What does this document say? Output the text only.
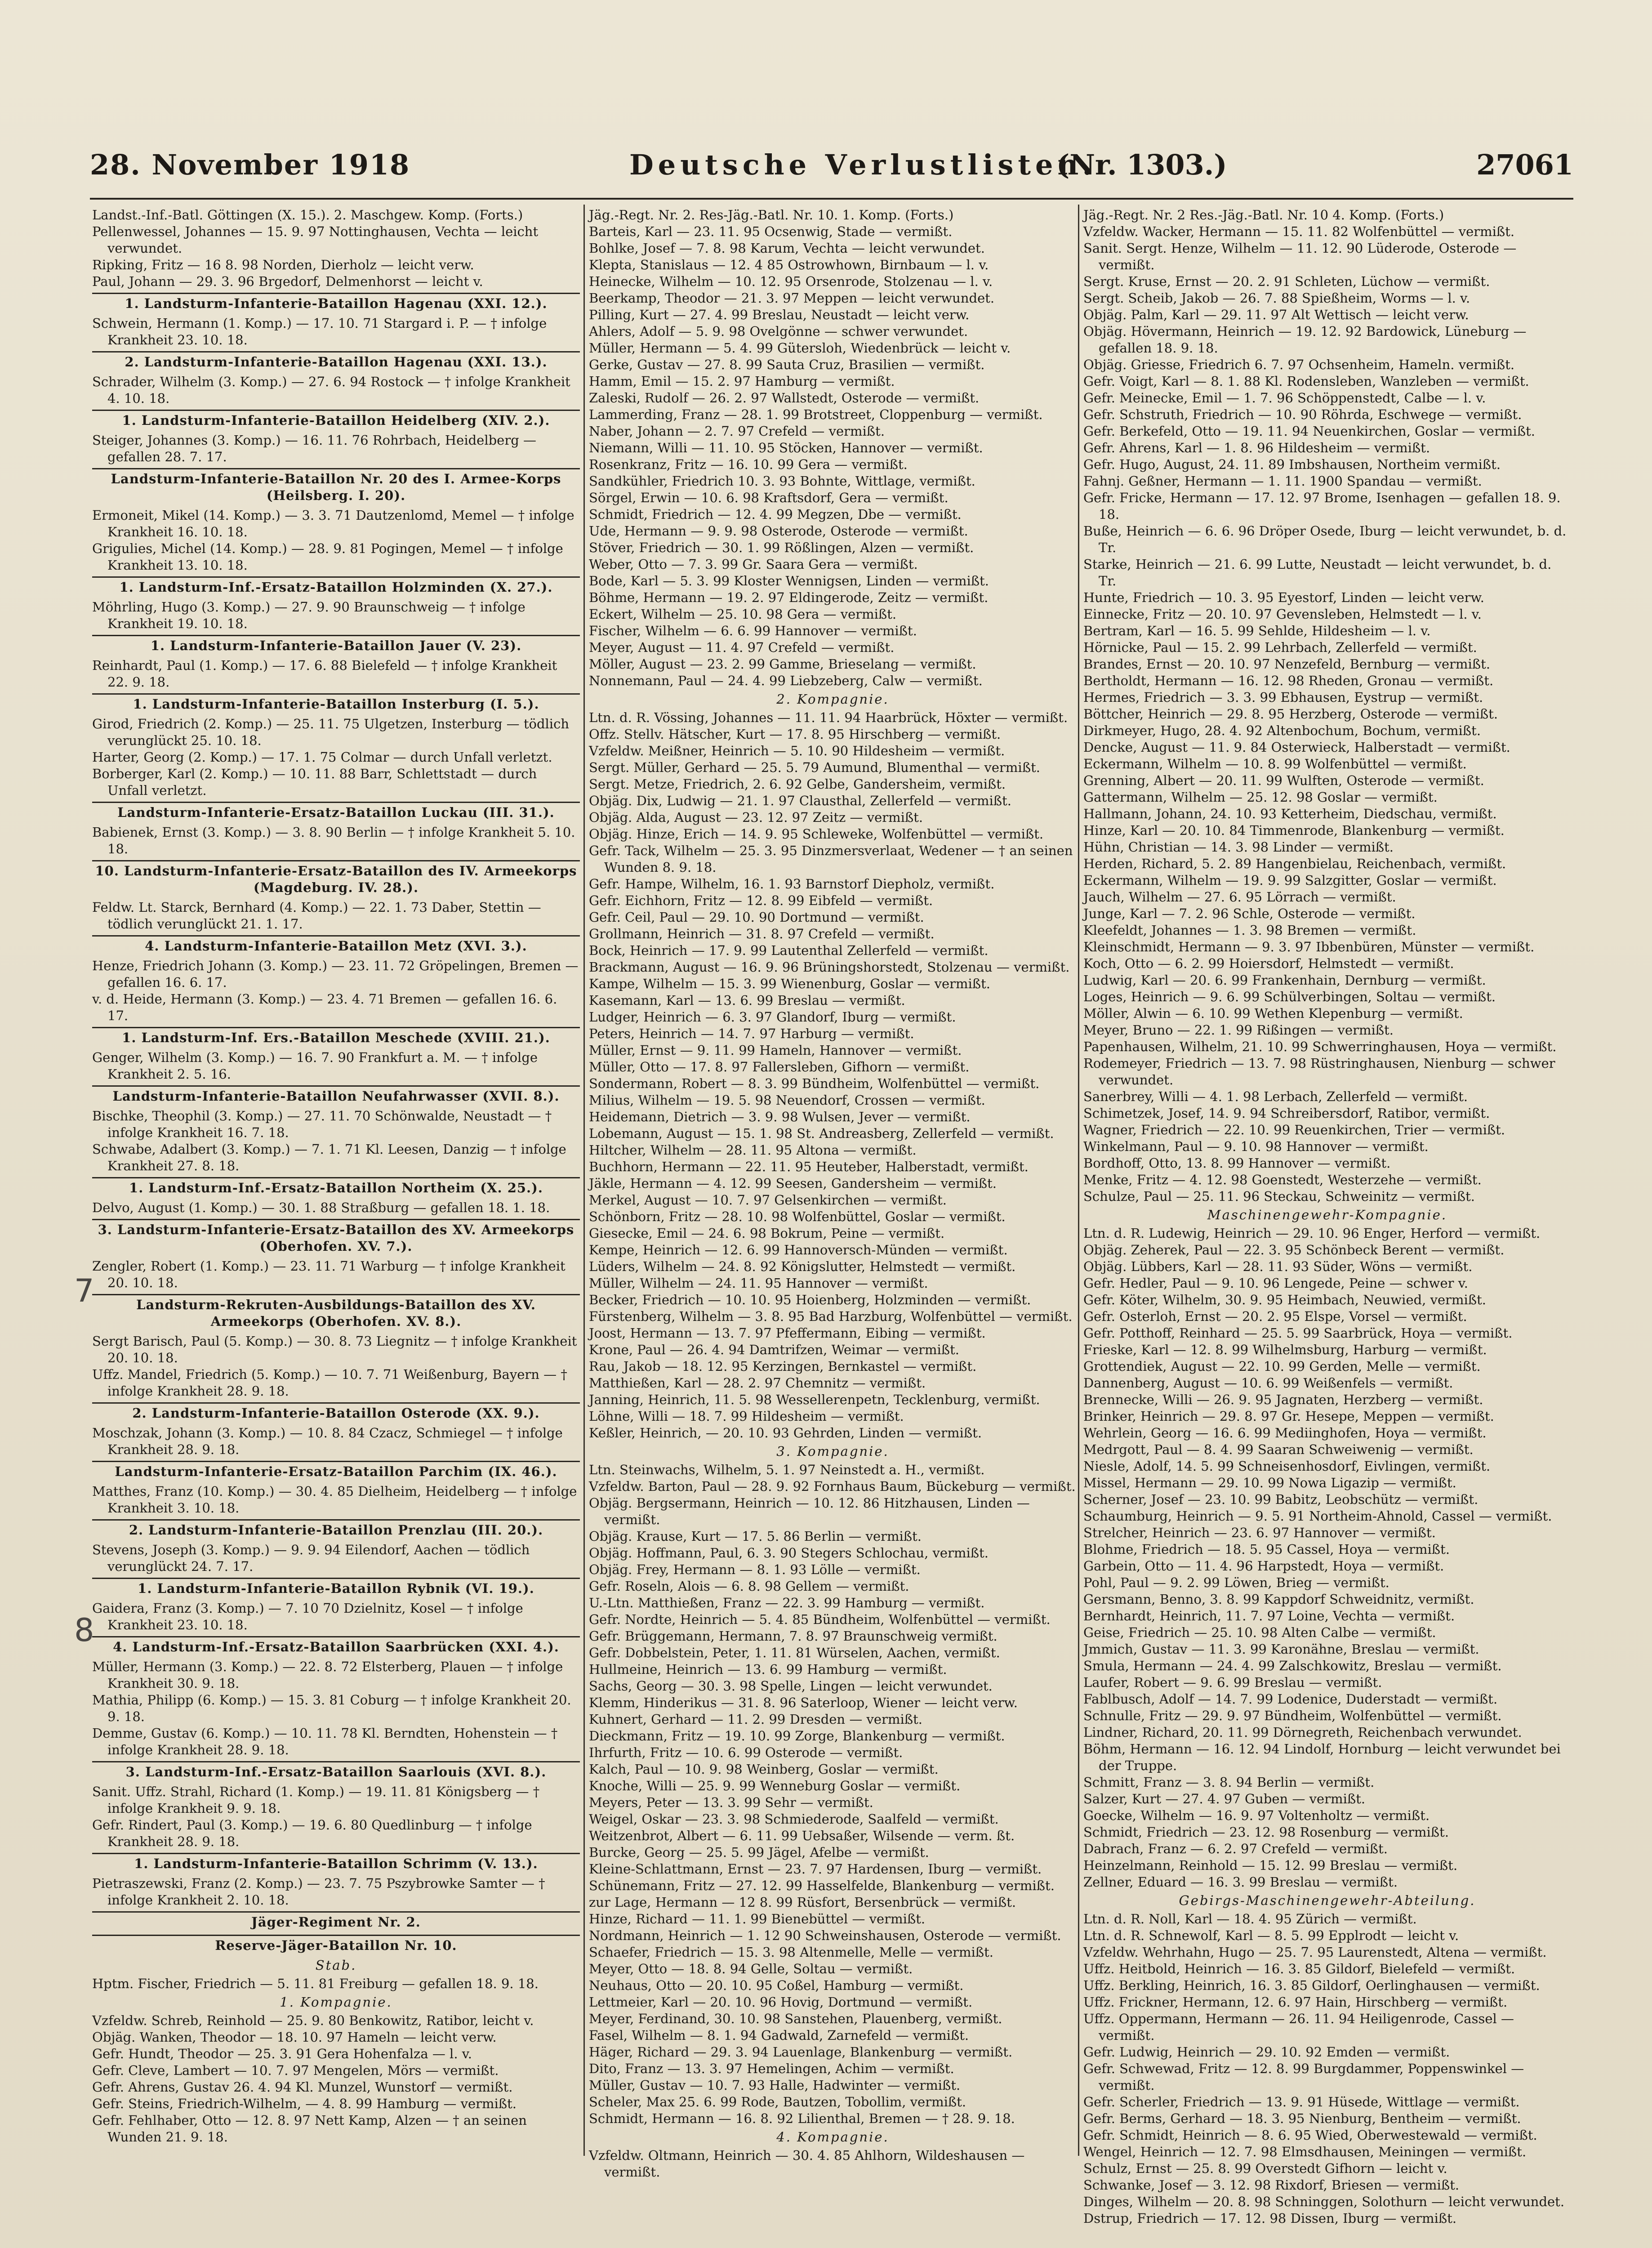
28. November 1918	Deutsche Verlustlisten.
(Nr. 1303.)	27061

Landst.-Inf.-Batl. Göttingen (X. 15.). 2. Maschgew. Komp. (Forts.)

Pellenwessel, Johannes — 15. 9. 97 Nottinghausen, Vechta — leicht verwundet.

Ripking, Fritz — 16 8. 98 Norden, Dierholz — leicht verw.

Paul, Johann — 29. 3. 96 Brgedorf, Delmenhorst — leicht v.

1. Landsturm-Infanterie-Bataillon Hagenau (XXI. 12.).

Schwein, Hermann (1. Komp.) — 17. 10. 71 Stargard i. P. — † infolge Krankheit 23. 10. 18.

2. Landsturm-Infanterie-Bataillon Hagenau (XXI. 13.).

Schrader, Wilhelm (3. Komp.) — 27. 6. 94 Rostock — † infolge Krankheit 4. 10. 18.

1. Landsturm-Infanterie-Bataillon Heidelberg (XIV. 2.).

Steiger, Johannes (3. Komp.) — 16. 11. 76 Rohrbach, Heidelberg — gefallen 28. 7. 17.

Landsturm-Infanterie-Bataillon Nr. 20 des I. Armee-Korps (Heilsberg. I. 20).

Ermoneit, Mikel (14. Komp.) — 3. 3. 71 Dautzenlomd, Memel — † infolge Krankheit 16. 10. 18.

Grigulies, Michel (14. Komp.) — 28. 9. 81 Pogingen, Memel — † infolge Krankheit 13. 10. 18.

1. Landsturm-Inf.-Ersatz-Bataillon Holzminden (X. 27.).

Möhrling, Hugo (3. Komp.) — 27. 9. 90 Braunschweig — † infolge Krankheit 19. 10. 18.

1. Landsturm-Infanterie-Bataillon Jauer (V. 23).

Reinhardt, Paul (1. Komp.) — 17. 6. 88 Bielefeld — † infolge Krankheit 22. 9. 18.

1. Landsturm-Infanterie-Bataillon Insterburg (I. 5.).

Girod, Friedrich (2. Komp.) — 25. 11. 75 Ulgetzen, Insterburg — tödlich verunglückt 25. 10. 18.

Harter, Georg (2. Komp.) — 17. 1. 75 Colmar — durch Unfall verletzt.

Borberger, Karl (2. Komp.) — 10. 11. 88 Barr, Schlettstadt — durch Unfall verletzt.

Landsturm-Infanterie-Ersatz-Bataillon Luckau (III. 31.).

Babienek, Ernst (3. Komp.) — 3. 8. 90 Berlin — † infolge Krankheit 5. 10. 18.

10. Landsturm-Infanterie-Ersatz-Bataillon des IV. Armeekorps (Magdeburg. IV. 28.).

Feldw. Lt. Starck, Bernhard (4. Komp.) — 22. 1. 73 Daber, Stettin — tödlich verunglückt 21. 1. 17.

4. Landsturm-Infanterie-Bataillon Metz (XVI. 3.).

Henze, Friedrich Johann (3. Komp.) — 23. 11. 72 Gröpelingen, Bremen — gefallen 16. 6. 17.

v. d. Heide, Hermann (3. Komp.) — 23. 4. 71 Bremen — gefallen 16. 6. 17.

1. Landsturm-Inf. Ers.-Bataillon Meschede (XVIII. 21.).

Genger, Wilhelm (3. Komp.) — 16. 7. 90 Frankfurt a. M. — † infolge Krankheit 2. 5. 16.

Landsturm-Infanterie-Bataillon Neufahrwasser (XVII. 8.).

Bischke, Theophil (3. Komp.) — 27. 11. 70 Schönwalde, Neustadt — † infolge Krankheit 16. 7. 18.

Schwabe, Adalbert (3. Komp.) — 7. 1. 71 Kl. Leesen, Danzig — † infolge Krankheit 27. 8. 18.

1. Landsturm-Inf.-Ersatz-Bataillon Northeim (X. 25.).

Delvo, August (1. Komp.) — 30. 1. 88 Straßburg — gefallen 18. 1. 18.

3. Landsturm-Infanterie-Ersatz-Bataillon des XV. Armeekorps (Oberhofen. XV. 7.).

Zengler, Robert (1. Komp.) — 23. 11. 71 Warburg — † infolge Krankheit 20. 10. 18.

Landsturm-Rekruten-Ausbildungs-Bataillon des XV. Armeekorps (Oberhofen. XV. 8.).

Sergt Barisch, Paul (5. Komp.) — 30. 8. 73 Liegnitz — † infolge Krankheit 20. 10. 18.

Uffz. Mandel, Friedrich (5. Komp.) — 10. 7. 71 Weißenburg, Bayern — † infolge Krankheit 28. 9. 18.

2. Landsturm-Infanterie-Bataillon Osterode (XX. 9.).

Moschzak, Johann (3. Komp.) — 10. 8. 84 Czacz, Schmiegel — † infolge Krankheit 28. 9. 18.

Landsturm-Infanterie-Ersatz-Bataillon Parchim (IX. 46.).

Matthes, Franz (10. Komp.) — 30. 4. 85 Dielheim, Heidelberg — † infolge Krankheit 3. 10. 18.

2. Landsturm-Infanterie-Bataillon Prenzlau (III. 20.).

Stevens, Joseph (3. Komp.) — 9. 9. 94 Eilendorf, Aachen — tödlich verunglückt 24. 7. 17.

1. Landsturm-Infanterie-Bataillon Rybnik (VI. 19.).

Gaidera, Franz (3. Komp.) — 7. 10 70 Dzielnitz, Kosel — † infolge Krankheit 23. 10. 18.

4. Landsturm-Inf.-Ersatz-Bataillon Saarbrücken (XXI. 4.).

Müller, Hermann (3. Komp.) — 22. 8. 72 Elsterberg, Plauen — † infolge Krankheit 30. 9. 18.

Mathia, Philipp (6. Komp.) — 15. 3. 81 Coburg — † infolge Krankheit 20. 9. 18.

Demme, Gustav (6. Komp.) — 10. 11. 78 Kl. Berndten, Hohenstein — † infolge Krankheit 28. 9. 18.

3. Landsturm-Inf.-Ersatz-Bataillon Saarlouis (XVI. 8.).

Sanit. Uffz. Strahl, Richard (1. Komp.) — 19. 11. 81 Königsberg — † infolge Krankheit 9. 9. 18.

Gefr. Rindert, Paul (3. Komp.) — 19. 6. 80 Quedlinburg — † infolge Krankheit 28. 9. 18.

1. Landsturm-Infanterie-Bataillon Schrimm (V. 13.).

Pietraszewski, Franz (2. Komp.) — 23. 7. 75 Pszybrowke Samter — † infolge Krankheit 2. 10. 18.

Jäger-Regiment Nr. 2.

Reserve-Jäger-Bataillon Nr. 10.

Stab.

Hptm. Fischer, Friedrich — 5. 11. 81 Freiburg — gefallen 18. 9. 18.

1. Kompagnie.

Vzfeldw. Schreb, Reinhold — 25. 9. 80 Benkowitz, Ratibor, leicht v.

Objäg. Wanken, Theodor — 18. 10. 97 Hameln — leicht verw.

Gefr. Hundt, Theodor — 25. 3. 91 Gera Hohenfalza — l. v.

Gefr. Cleve, Lambert — 10. 7. 97 Mengelen, Mörs — vermißt.

Gefr. Ahrens, Gustav 26. 4. 94 Kl. Munzel, Wunstorf — vermißt.

Gefr. Steins, Friedrich-Wilhelm, — 4. 8. 99 Hamburg — vermißt.

Gefr. Fehlhaber, Otto — 12. 8. 97 Nett Kamp, Alzen — † an seinen Wunden 21. 9. 18.

Jäg.-Regt. Nr. 2. Res-Jäg.-Batl. Nr. 10. 1. Komp. (Forts.)

Barteis, Karl — 23. 11. 95 Ocsenwig, Stade — vermißt.

Bohlke, Josef — 7. 8. 98 Karum, Vechta — leicht verwundet.

Klepta, Stanislaus — 12. 4 85 Ostrowhown, Birnbaum — l. v.

Heinecke, Wilhelm — 10. 12. 95 Orsenrode, Stolzenau — l. v.

Beerkamp, Theodor — 21. 3. 97 Meppen — leicht verwundet.

Pilling, Kurt — 27. 4. 99 Breslau, Neustadt — leicht verw.

Ahlers, Adolf — 5. 9. 98 Ovelgönne — schwer verwundet.

Müller, Hermann — 5. 4. 99 Gütersloh, Wiedenbrück — leicht v.

Gerke, Gustav — 27. 8. 99 Sauta Cruz, Brasilien — vermißt.

Hamm, Emil — 15. 2. 97 Hamburg — vermißt.

Zaleski, Rudolf — 26. 2. 97 Wallstedt, Osterode — vermißt.

Lammerding, Franz — 28. 1. 99 Brotstreet, Cloppenburg — vermißt.

Naber, Johann — 2. 7. 97 Crefeld — vermißt.

Niemann, Willi — 11. 10. 95 Stöcken, Hannover — vermißt.

Rosenkranz, Fritz — 16. 10. 99 Gera — vermißt.

Sandkühler, Friedrich 10. 3. 93 Bohnte, Wittlage, vermißt.

Sörgel, Erwin — 10. 6. 98 Kraftsdorf, Gera — vermißt.

Schmidt, Friedrich — 12. 4. 99 Megzen, Dbe — vermißt.

Ude, Hermann — 9. 9. 98 Osterode, Osterode — vermißt.

Stöver, Friedrich — 30. 1. 99 Rößlingen, Alzen — vermißt.

Weber, Otto — 7. 3. 99 Gr. Saara Gera — vermißt.

Bode, Karl — 5. 3. 99 Kloster Wennigsen, Linden — vermißt.

Böhme, Hermann — 19. 2. 97 Eldingerode, Zeitz — vermißt.

Eckert, Wilhelm — 25. 10. 98 Gera — vermißt.

Fischer, Wilhelm — 6. 6. 99 Hannover — vermißt.

Meyer, August — 11. 4. 97 Crefeld — vermißt.

Möller, August — 23. 2. 99 Gamme, Brieselang — vermißt.

Nonnemann, Paul — 24. 4. 99 Liebzeberg, Calw — vermißt.

2. Kompagnie.

Ltn. d. R. Vössing, Johannes — 11. 11. 94 Haarbrück, Höxter — vermißt.

Offz. Stellv. Hätscher, Kurt — 17. 8. 95 Hirschberg — vermißt.

Vzfeldw. Meißner, Heinrich — 5. 10. 90 Hildesheim — vermißt.

Sergt. Müller, Gerhard — 25. 5. 79 Aumund, Blumenthal — vermißt.

Sergt. Metze, Friedrich, 2. 6. 92 Gelbe, Gandersheim, vermißt.

Objäg. Dix, Ludwig — 21. 1. 97 Clausthal, Zellerfeld — vermißt.

Objäg. Alda, August — 23. 12. 97 Zeitz — vermißt.

Objäg. Hinze, Erich — 14. 9. 95 Schleweke, Wolfenbüttel — vermißt.

Gefr. Tack, Wilhelm — 25. 3. 95 Dinzmersverlaat, Wedener — † an seinen Wunden 8. 9. 18.

Gefr. Hampe, Wilhelm, 16. 1. 93 Barnstorf Diepholz, vermißt.

Gefr. Eichhorn, Fritz — 12. 8. 99 Eibfeld — vermißt.

Gefr. Ceil, Paul — 29. 10. 90 Dortmund — vermißt.

Grollmann, Heinrich — 31. 8. 97 Crefeld — vermißt.

Bock, Heinrich — 17. 9. 99 Lautenthal Zellerfeld — vermißt.

Brackmann, August — 16. 9. 96 Brüningshorstedt, Stolzenau — vermißt.

Kampe, Wilhelm — 15. 3. 99 Wienenburg, Goslar — vermißt.

Kasemann, Karl — 13. 6. 99 Breslau — vermißt.

Ludger, Heinrich — 6. 3. 97 Glandorf, Iburg — vermißt.

Peters, Heinrich — 14. 7. 97 Harburg — vermißt.

Müller, Ernst — 9. 11. 99 Hameln, Hannover — vermißt.

Müller, Otto — 17. 8. 97 Fallersleben, Gifhorn — vermißt.

Sondermann, Robert — 8. 3. 99 Bündheim, Wolfenbüttel — vermißt.

Milius, Wilhelm — 19. 5. 98 Neuendorf, Crossen — vermißt.

Heidemann, Dietrich — 3. 9. 98 Wulsen, Jever — vermißt.

Lobemann, August — 15. 1. 98 St. Andreasberg, Zellerfeld — vermißt.

Hiltcher, Wilhelm — 28. 11. 95 Altona — vermißt.

Buchhorn, Hermann — 22. 11. 95 Heuteber, Halberstadt, vermißt.

Jäkle, Hermann — 4. 12. 99 Seesen, Gandersheim — vermißt.

Merkel, August — 10. 7. 97 Gelsenkirchen — vermißt.

Schönborn, Fritz — 28. 10. 98 Wolfenbüttel, Goslar — vermißt.

Giesecke, Emil — 24. 6. 98 Bokrum, Peine — vermißt.

Kempe, Heinrich — 12. 6. 99 Hannoversch-Münden — vermißt.

Lüders, Wilhelm — 24. 8. 92 Königslutter, Helmstedt — vermißt.

Müller, Wilhelm — 24. 11. 95 Hannover — vermißt.

Becker, Friedrich — 10. 10. 95 Hoienberg, Holzminden — vermißt.

Fürstenberg, Wilhelm — 3. 8. 95 Bad Harzburg, Wolfenbüttel — vermißt.

Joost, Hermann — 13. 7. 97 Pfeffermann, Eibing — vermißt.

Krone, Paul — 26. 4. 94 Damtrifzen, Weimar — vermißt.

Rau, Jakob — 18. 12. 95 Kerzingen, Bernkastel — vermißt.

Matthießen, Karl — 28. 2. 97 Chemnitz — vermißt.

Janning, Heinrich, 11. 5. 98 Wessellerenpetn, Tecklenburg, vermißt.

Löhne, Willi — 18. 7. 99 Hildesheim — vermißt.

Keßler, Heinrich, — 20. 10. 93 Gehrden, Linden — vermißt.

3. Kompagnie.

Ltn. Steinwachs, Wilhelm, 5. 1. 97 Neinstedt a. H., vermißt.

Vzfeldw. Barton, Paul — 28. 9. 92 Fornhaus Baum, Bückeburg — vermißt.

Objäg. Bergsermann, Heinrich — 10. 12. 86 Hitzhausen, Linden — vermißt.

Objäg. Krause, Kurt — 17. 5. 86 Berlin — vermißt.

Objäg. Hoffmann, Paul, 6. 3. 90 Stegers Schlochau, vermißt.

Objäg. Frey, Hermann — 8. 1. 93 Lölle — vermißt.

Gefr. Roseln, Alois — 6. 8. 98 Gellem — vermißt.

U.-Ltn. Matthießen, Franz — 22. 3. 99 Hamburg — vermißt.

Gefr. Nordte, Heinrich — 5. 4. 85 Bündheim, Wolfenbüttel — vermißt.

Gefr. Brüggemann, Hermann, 7. 8. 97 Braunschweig vermißt.

Gefr. Dobbelstein, Peter, 1. 11. 81 Würselen, Aachen, vermißt.

Hullmeine, Heinrich — 13. 6. 99 Hamburg — vermißt.

Sachs, Georg — 30. 3. 98 Spelle, Lingen — leicht verwundet.

Klemm, Hinderikus — 31. 8. 96 Saterloop, Wiener — leicht verw.

Kuhnert, Gerhard — 11. 2. 99 Dresden — vermißt.

Dieckmann, Fritz — 19. 10. 99 Zorge, Blankenburg — vermißt.

Ihrfurth, Fritz — 10. 6. 99 Osterode — vermißt.

Kalch, Paul — 10. 9. 98 Weinberg, Goslar — vermißt.

Knoche, Willi — 25. 9. 99 Wenneburg Goslar — vermißt.

Meyers, Peter — 13. 3. 99 Sehr — vermißt.

Weigel, Oskar — 23. 3. 98 Schmiederode, Saalfeld — vermißt.

Weitzenbrot, Albert — 6. 11. 99 Uebsaßer, Wilsende — verm. ßt.

Burcke, Georg — 25. 5. 99 Jägel, Afelbe — vermißt.

Kleine-Schlattmann, Ernst — 23. 7. 97 Hardensen, Iburg — vermißt.

Schünemann, Fritz — 27. 12. 99 Hasselfelde, Blankenburg — vermißt.

zur Lage, Hermann — 12 8. 99 Rüsfort, Bersenbrück — vermißt.

Hinze, Richard — 11. 1. 99 Bienebüttel — vermißt.

Nordmann, Heinrich — 1. 12 90 Schweinshausen, Osterode — vermißt.

Schaefer, Friedrich — 15. 3. 98 Altenmelle, Melle — vermißt.

Meyer, Otto — 18. 8. 94 Gelle, Soltau — vermißt.

Neuhaus, Otto — 20. 10. 95 Coßel, Hamburg — vermißt.

Lettmeier, Karl — 20. 10. 96 Hovig, Dortmund — vermißt.

Meyer, Ferdinand, 30. 10. 98 Sanstehen, Plauenberg, vermißt.

Fasel, Wilhelm — 8. 1. 94 Gadwald, Zarnefeld — vermißt.

Häger, Richard — 29. 3. 94 Lauenlage, Blankenburg — vermißt.

Dito, Franz — 13. 3. 97 Hemelingen, Achim — vermißt.

Müller, Gustav — 10. 7. 93 Halle, Hadwinter — vermißt.

Scheler, Max 25. 6. 99 Rode, Bautzen, Tobollim, vermißt.

Schmidt, Hermann — 16. 8. 92 Lilienthal, Bremen — † 28. 9. 18.

4. Kompagnie.

Vzfeldw. Oltmann, Heinrich — 30. 4. 85 Ahlhorn, Wildeshausen — vermißt.

Jäg.-Regt. Nr. 2 Res.-Jäg.-Batl. Nr. 10 4. Komp. (Forts.)

Vzfeldw. Wacker, Hermann — 15. 11. 82 Wolfenbüttel — vermißt.

Sanit. Sergt. Henze, Wilhelm — 11. 12. 90 Lüderode, Osterode — vermißt.

Sergt. Kruse, Ernst — 20. 2. 91 Schleten, Lüchow — vermißt.

Sergt. Scheib, Jakob — 26. 7. 88 Spießheim, Worms — l. v.

Objäg. Palm, Karl — 29. 11. 97 Alt Wettisch — leicht verw.

Objäg. Hövermann, Heinrich — 19. 12. 92 Bardowick, Lüneburg — gefallen 18. 9. 18.

Objäg. Griesse, Friedrich 6. 7. 97 Ochsenheim, Hameln. vermißt.

Gefr. Voigt, Karl — 8. 1. 88 Kl. Rodensleben, Wanzleben — vermißt.

Gefr. Meinecke, Emil — 1. 7. 96 Schöppenstedt, Calbe — l. v.

Gefr. Schstruth, Friedrich — 10. 90 Röhrda, Eschwege — vermißt.

Gefr. Berkefeld, Otto — 19. 11. 94 Neuenkirchen, Goslar — vermißt.

Gefr. Ahrens, Karl — 1. 8. 96 Hildesheim — vermißt.

Gefr. Hugo, August, 24. 11. 89 Imbshausen, Northeim vermißt.

Fahnj. Geßner, Hermann — 1. 11. 1900 Spandau — vermißt.

Gefr. Fricke, Hermann — 17. 12. 97 Brome, Isenhagen — gefallen 18. 9. 18.

Buße, Heinrich — 6. 6. 96 Dröper Osede, Iburg — leicht verwundet, b. d. Tr.

Starke, Heinrich — 21. 6. 99 Lutte, Neustadt — leicht verwundet, b. d. Tr.

Hunte, Friedrich — 10. 3. 95 Eyestorf, Linden — leicht verw.

Einnecke, Fritz — 20. 10. 97 Gevensleben, Helmstedt — l. v.

Bertram, Karl — 16. 5. 99 Sehlde, Hildesheim — l. v.

Hörnicke, Paul — 15. 2. 99 Lehrbach, Zellerfeld — vermißt.

Brandes, Ernst — 20. 10. 97 Nenzefeld, Bernburg — vermißt.

Bertholdt, Hermann — 16. 12. 98 Rheden, Gronau — vermißt.

Hermes, Friedrich — 3. 3. 99 Ebhausen, Eystrup — vermißt.

Böttcher, Heinrich — 29. 8. 95 Herzberg, Osterode — vermißt.

Dirkmeyer, Hugo, 28. 4. 92 Altenbochum, Bochum, vermißt.

Dencke, August — 11. 9. 84 Osterwieck, Halberstadt — vermißt.

Eckermann, Wilhelm — 10. 8. 99 Wolfenbüttel — vermißt.

Grenning, Albert — 20. 11. 99 Wulften, Osterode — vermißt.

Gattermann, Wilhelm — 25. 12. 98 Goslar — vermißt.

Hallmann, Johann, 24. 10. 93 Ketterheim, Diedschau, vermißt.

Hinze, Karl — 20. 10. 84 Timmenrode, Blankenburg — vermißt.

Hühn, Christian — 14. 3. 98 Linder — vermißt.

Herden, Richard, 5. 2. 89 Hangenbielau, Reichenbach, vermißt.

Eckermann, Wilhelm — 19. 9. 99 Salzgitter, Goslar — vermißt.

Jauch, Wilhelm — 27. 6. 95 Lörrach — vermißt.

Junge, Karl — 7. 2. 96 Schle, Osterode — vermißt.

Kleefeldt, Johannes — 1. 3. 98 Bremen — vermißt.

Kleinschmidt, Hermann — 9. 3. 97 Ibbenbüren, Münster — vermißt.

Koch, Otto — 6. 2. 99 Hoiersdorf, Helmstedt — vermißt.

Ludwig, Karl — 20. 6. 99 Frankenhain, Dernburg — vermißt.

Loges, Heinrich — 9. 6. 99 Schülverbingen, Soltau — vermißt.

Möller, Alwin — 6. 10. 99 Wethen Klepenburg — vermißt.

Meyer, Bruno — 22. 1. 99 Rißingen — vermißt.

Papenhausen, Wilhelm, 21. 10. 99 Schwerringhausen, Hoya — vermißt.

Rodemeyer, Friedrich — 13. 7. 98 Rüstringhausen, Nienburg — schwer verwundet.

Sanerbrey, Willi — 4. 1. 98 Lerbach, Zellerfeld — vermißt.

Schimetzek, Josef, 14. 9. 94 Schreibersdorf, Ratibor, vermißt.

Wagner, Friedrich — 22. 10. 99 Reuenkirchen, Trier — vermißt.

Winkelmann, Paul — 9. 10. 98 Hannover — vermißt.

Bordhoff, Otto, 13. 8. 99 Hannover — vermißt.

Menke, Fritz — 4. 12. 98 Goenstedt, Westerzehe — vermißt.

Schulze, Paul — 25. 11. 96 Steckau, Schweinitz — vermißt.

Maschinengewehr-Kompagnie.

Ltn. d. R. Ludewig, Heinrich — 29. 10. 96 Enger, Herford — vermißt.

Objäg. Zeherek, Paul — 22. 3. 95 Schönbeck Berent — vermißt.

Objäg. Lübbers, Karl — 28. 11. 93 Süder, Wöns — vermißt.

Gefr. Hedler, Paul — 9. 10. 96 Lengede, Peine — schwer v.

Gefr. Köter, Wilhelm, 30. 9. 95 Heimbach, Neuwied, vermißt.

Gefr. Osterloh, Ernst — 20. 2. 95 Elspe, Vorsel — vermißt.

Gefr. Potthoff, Reinhard — 25. 5. 99 Saarbrück, Hoya — vermißt.

Frieske, Karl — 12. 8. 99 Wilhelmsburg, Harburg — vermißt.

Grottendiek, August — 22. 10. 99 Gerden, Melle — vermißt.

Dannenberg, August — 10. 6. 99 Weißenfels — vermißt.

Brennecke, Willi — 26. 9. 95 Jagnaten, Herzberg — vermißt.

Brinker, Heinrich — 29. 8. 97 Gr. Hesepe, Meppen — vermißt.

Wehrlein, Georg — 16. 6. 99 Mediinghofen, Hoya — vermißt.

Medrgott, Paul — 8. 4. 99 Saaran Schweiwenig — vermißt.

Niesle, Adolf, 14. 5. 99 Schneisenhosdorf, Eivlingen, vermißt.

Missel, Hermann — 29. 10. 99 Nowa Ligazip — vermißt.

Scherner, Josef — 23. 10. 99 Babitz, Leobschütz — vermißt.

Schaumburg, Heinrich — 9. 5. 91 Northeim-Ahnold, Cassel — vermißt.

Strelcher, Heinrich — 23. 6. 97 Hannover — vermißt.

Blohme, Friedrich — 18. 5. 95 Cassel, Hoya — vermißt.

Garbein, Otto — 11. 4. 96 Harpstedt, Hoya — vermißt.

Pohl, Paul — 9. 2. 99 Löwen, Brieg — vermißt.

Gersmann, Benno, 3. 8. 99 Kappdorf Schweidnitz, vermißt.

Bernhardt, Heinrich, 11. 7. 97 Loine, Vechta — vermißt.

Geise, Friedrich — 25. 10. 98 Alten Calbe — vermißt.

Jmmich, Gustav — 11. 3. 99 Karonähne, Breslau — vermißt.

Smula, Hermann — 24. 4. 99 Zalschkowitz, Breslau — vermißt.

Laufer, Robert — 9. 6. 99 Breslau — vermißt.

Fablbusch, Adolf — 14. 7. 99 Lodenice, Duderstadt — vermißt.

Schnulle, Fritz — 29. 9. 97 Bündheim, Wolfenbüttel — vermißt.

Lindner, Richard, 20. 11. 99 Dörnegreth, Reichenbach verwundet.

Böhm, Hermann — 16. 12. 94 Lindolf, Hornburg — leicht verwundet bei der Truppe.

Schmitt, Franz — 3. 8. 94 Berlin — vermißt.

Salzer, Kurt — 27. 4. 97 Guben — vermißt.

Goecke, Wilhelm — 16. 9. 97 Voltenholtz — vermißt.

Schmidt, Friedrich — 23. 12. 98 Rosenburg — vermißt.

Dabrach, Franz — 6. 2. 97 Crefeld — vermißt.

Heinzelmann, Reinhold — 15. 12. 99 Breslau — vermißt.

Zellner, Eduard — 16. 3. 99 Breslau — vermißt.

Gebirgs-Maschinengewehr-Abteilung.

Ltn. d. R. Noll, Karl — 18. 4. 95 Zürich — vermißt.

Ltn. d. R. Schnewolf, Karl — 8. 5. 99 Epplrodt — leicht v.

Vzfeldw. Wehrhahn, Hugo — 25. 7. 95 Laurenstedt, Altena — vermißt.

Uffz. Heitbold, Heinrich — 16. 3. 85 Gildorf, Bielefeld — vermißt.

Uffz. Berkling, Heinrich, 16. 3. 85 Gildorf, Oerlinghausen — vermißt.

Uffz. Frickner, Hermann, 12. 6. 97 Hain, Hirschberg — vermißt.

Uffz. Oppermann, Hermann — 26. 11. 94 Heiligenrode, Cassel — vermißt.

Gefr. Ludwig, Heinrich — 29. 10. 92 Emden — vermißt.

Gefr. Schwewad, Fritz — 12. 8. 99 Burgdammer, Poppenswinkel — vermißt.

Gefr. Scherler, Friedrich — 13. 9. 91 Hüsede, Wittlage — vermißt.

Gefr. Berms, Gerhard — 18. 3. 95 Nienburg, Bentheim — vermißt.

Gefr. Schmidt, Heinrich — 8. 6. 95 Wied, Oberwestewald — vermißt.

Wengel, Heinrich — 12. 7. 98 Elmsdhausen, Meiningen — vermißt.

Schulz, Ernst — 25. 8. 99 Overstedt Gifhorn — leicht v.

Schwanke, Josef — 3. 12. 98 Rixdorf, Briesen — vermißt.

Dinges, Wilhelm — 20. 8. 98 Schninggen, Solothurn — leicht verwundet.

Dstrup, Friedrich — 17. 12. 98 Dissen, Iburg — vermißt.

7
8
